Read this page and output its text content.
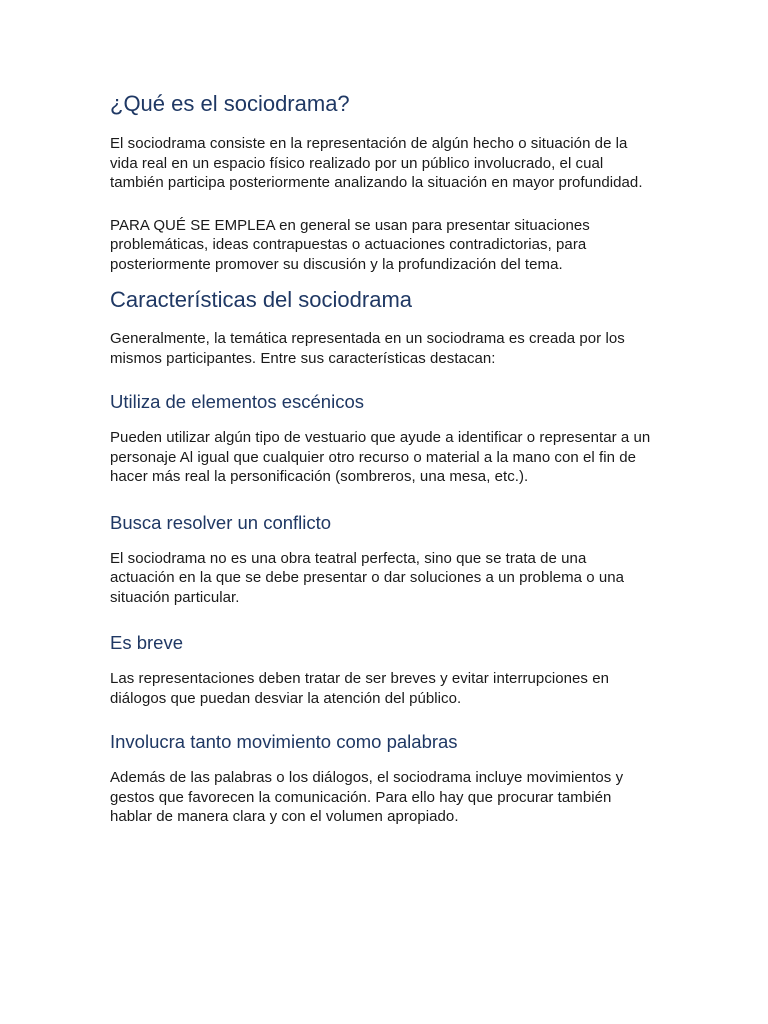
¿Qué es el sociodrama?

El sociodrama consiste en la representación de algún hecho o situación de la vida real en un espacio físico realizado por un público involucrado, el cual también participa posteriormente analizando la situación en mayor profundidad.

PARA QUÉ SE EMPLEA en general se usan para presentar situaciones problemáticas, ideas contrapuestas o actuaciones contradictorias, para posteriormente promover su discusión y la profundización del tema.

Características del sociodrama

Generalmente, la temática representada en un sociodrama es creada por los mismos participantes. Entre sus características destacan:

Utiliza de elementos escénicos

Pueden utilizar algún tipo de vestuario que ayude a identificar o representar a un personaje Al igual que cualquier otro recurso o material a la mano con el fin de hacer más real la personificación (sombreros, una mesa, etc.).

Busca resolver un conflicto

El sociodrama no es una obra teatral perfecta, sino que se trata de una actuación en la que se debe presentar o dar soluciones a un problema o una situación particular.

Es breve

Las representaciones deben tratar de ser breves y evitar interrupciones en diálogos que puedan desviar la atención del público.

Involucra tanto movimiento como palabras

Además de las palabras o los diálogos, el sociodrama incluye movimientos y gestos que favorecen la comunicación. Para ello hay que procurar también hablar de manera clara y con el volumen apropiado.
